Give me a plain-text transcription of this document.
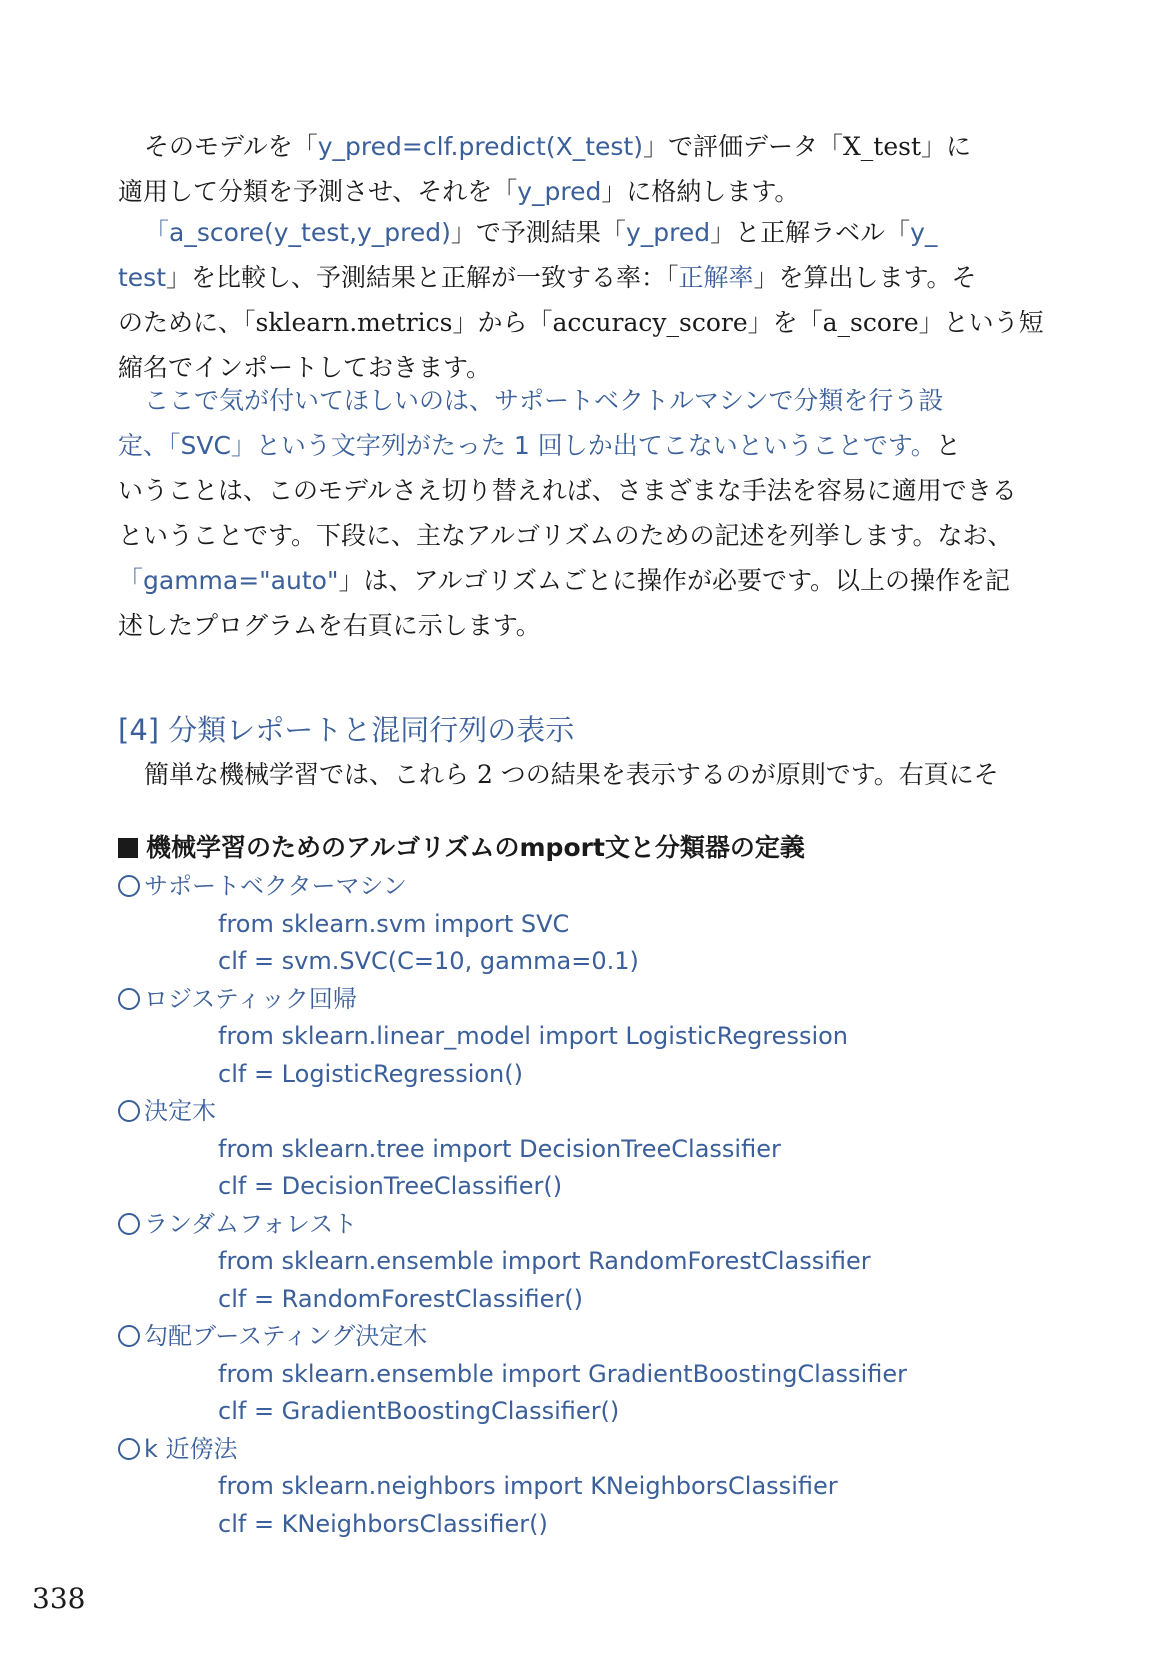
そのモデルを「y_pred=clf.predict(X_test)」で評価データ「X_test」に
適用して分類を予測させ、それを「y_pred」に格納します。
「a_score(y_test,y_pred)」で予測結果「y_pred」と正解ラベル「y_
test」を比較し、予測結果と正解が一致する率：「正解率」を算出します。そ
のために、「sklearn.metrics」から「accuracy_score」を「a_score」という短
縮名でインポートしておきます。
ここで気が付いてほしいのは、サポートベクトルマシンで分類を行う設
定、「SVC」という文字列がたった 1 回しか出てこないということです。と
いうことは、このモデルさえ切り替えれば、さまざまな手法を容易に適用できる
ということです。下段に、主なアルゴリズムのための記述を列挙します。なお、
「gamma="auto"」は、アルゴリズムごとに操作が必要です。以上の操作を記
述したプログラムを右頁に示します。
[4] 分類レポートと混同行列の表示
簡単な機械学習では、これら 2 つの結果を表示するのが原則です。右頁にそ
機械学習のためのアルゴリズムのmport文と分類器の定義
サポートベクターマシン
from sklearn.svm import SVC
clf = svm.SVC(C=10, gamma=0.1)
ロジスティック回帰
from sklearn.linear_model import LogisticRegression
clf = LogisticRegression()
決定木
from sklearn.tree import DecisionTreeClassifier
clf = DecisionTreeClassifier()
ランダムフォレスト
from sklearn.ensemble import RandomForestClassifier
clf = RandomForestClassifier()
勾配ブースティング決定木
from sklearn.ensemble import GradientBoostingClassifier
clf = GradientBoostingClassifier()
k 近傍法
from sklearn.neighbors import KNeighborsClassifier
clf = KNeighborsClassifier()
338
